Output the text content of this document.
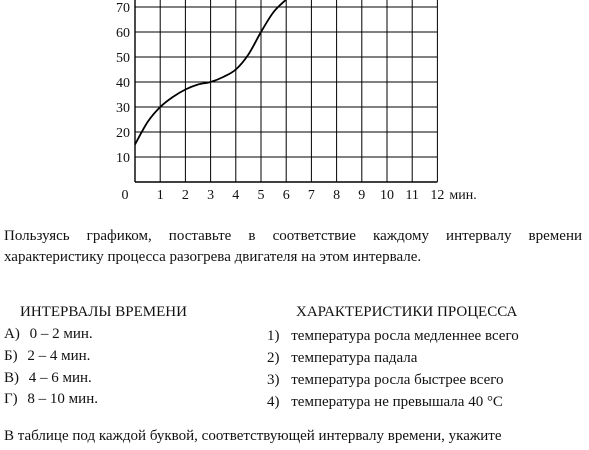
10
20
30
40
50
60
70
0 1 2 3 4 5 6 7 8 9 10 11 12 мин.

Пользуясь графиком, поставьте в соответствие каждому интервалу времени характеристику процесса разогрева двигателя на этом интервале.

ИНТЕРВАЛЫ ВРЕМЕНИ	ХАРАКТЕРИСТИКИ ПРОЦЕССА
А) 0 – 2 мин.
Б) 2 – 4 мин.
В) 4 – 6 мин.
Г) 8 – 10 мин.
1) температура росла медленнее всего
2) температура падала
3) температура росла быстрее всего
4) температура не превышала 40 °С
В таблице под каждой буквой, соответствующей интервалу времени, укажите
